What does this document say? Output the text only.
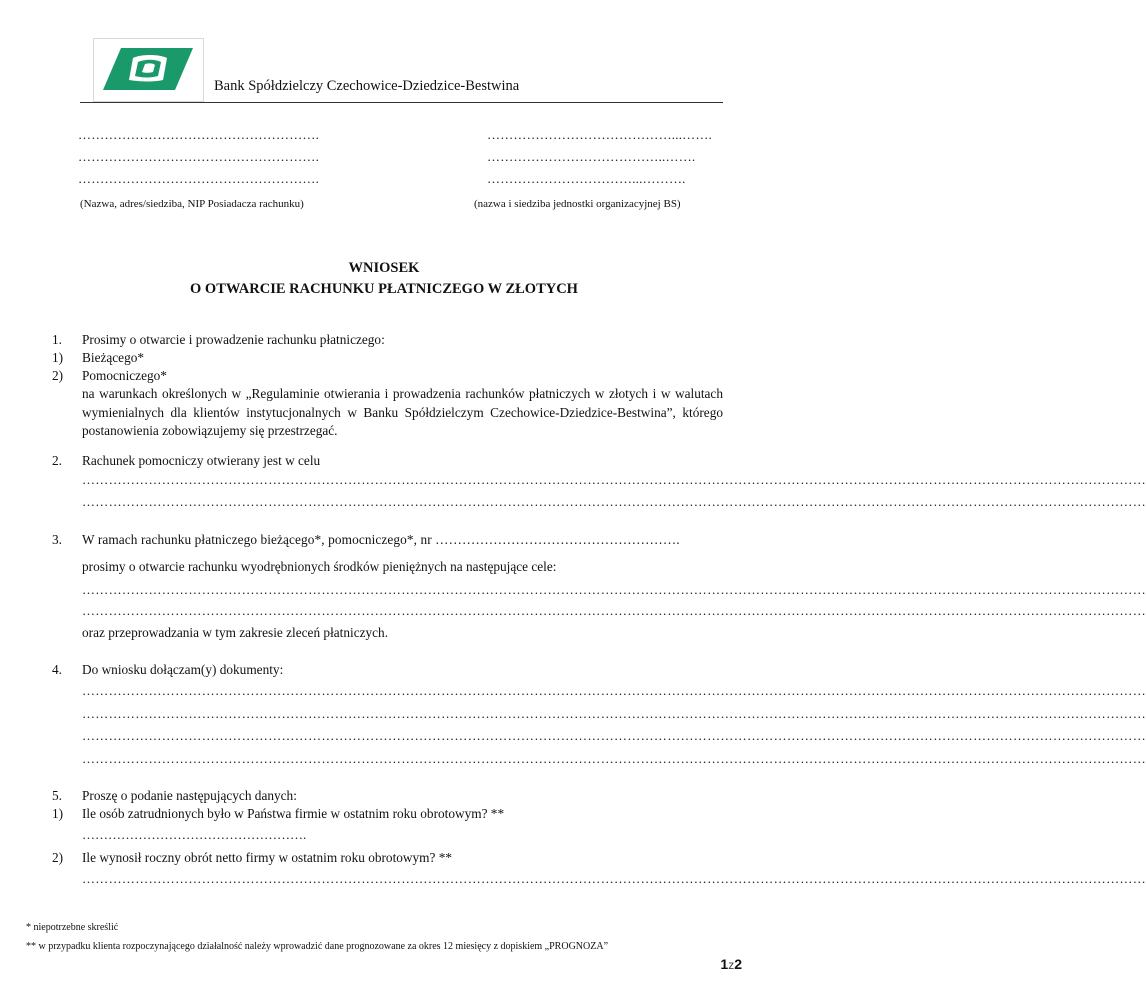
Bank Spółdzielczy Czechowice-Dziedzice-Bestwina
……………………………………………….
……………………………………………….
……………………………………………….
……………………………………...…….
…………………………………..…….
……………………………...……….
(Nazwa, adres/siedziba, NIP Posiadacza rachunku)	(nazwa i siedziba jednostki organizacyjnej BS)
WNIOSEK
O OTWARCIE RACHUNKU PŁATNICZEGO W ZŁOTYCH
1. Prosimy o otwarcie i prowadzenie rachunku płatniczego:
1) Bieżącego*
2) Pomocniczego*
na warunkach określonych w „Regulaminie otwierania i prowadzenia rachunków płatniczych w złotych i w walutach wymienialnych dla klientów instytucjonalnych w Banku Spółdzielczym Czechowice-Dziedzice-Bestwina”, którego postanowienia zobowiązujemy się przestrzegać.
2. Rachunek pomocniczy otwierany jest w celu
……………………………………………………………………………………………………………………………………………………………………………………………………………………
……………………………………………………………………………………………………………………………………………………………………………………………………………………
3. W ramach rachunku płatniczego bieżącego*, pomocniczego*, nr ……………………………………………….
prosimy o otwarcie rachunku wyodrębnionych środków pieniężnych na następujące cele:
……………………………………………………………………………………………………………………………………………………………………………………………………………………
……………………………………………………………………………………………………………………………………………………………………………………………………………………
oraz przeprowadzania w tym zakresie zleceń płatniczych.
4. Do wniosku dołączam(y) dokumenty:
……………………………………………………………………………………………………………………………………………………………………………………………………………………
……………………………………………………………………………………………………………………………………………………………………………………………………………………
……………………………………………………………………………………………………………………………………………………………………………………………………………………
……………………………………………………………………………………………………………………………………………………………………………………………………………………
5. Proszę o podanie następujących danych:
1) Ile osób zatrudnionych było w Państwa firmie w ostatnim roku obrotowym? **
…………………………………………….
2) Ile wynosił roczny obrót netto firmy w ostatnim roku obrotowym? **
……………………………………………………………………………………………………………………………………………………………………………………………………………………
* niepotrzebne skreślić
** w przypadku klienta rozpoczynającego działalność należy wprowadzić dane prognozowane za okres 12 miesięcy z dopiskiem „PROGNOZA”
1z2
